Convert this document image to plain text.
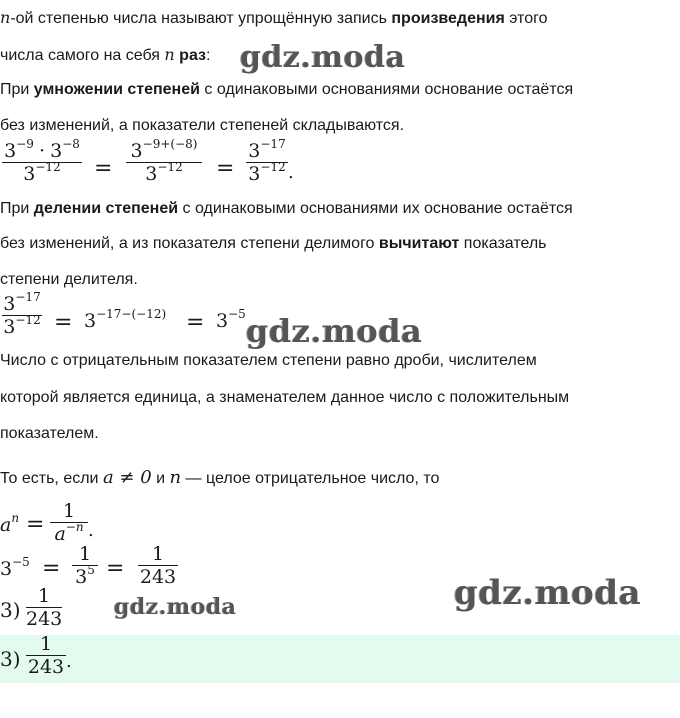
n-ой степенью числа называют упрощённую запись произведения этого
числа самого на себя n раз: gdz.moda
При умножении степеней с одинаковыми основаниями основание остаётся
без изменений, а показатели степеней складываются.
$3^{-9} \cdot 3^{-8}$
$3^{-12}$	=
$3^{-9+(-8)}$
$3^{-12}$	=
$3^{-17}$
$3^{-12}$ .
При делении степеней с одинаковыми основаниями их основание остаётся
без изменений, а из показателя степени делимого вычитают показатель
степени делителя.
$3^{-17}$
$3^{-12} = 3^{-17-(-12)} = 3^{-5}$ gdz.moda
Число с отрицательным показателем степени равно дроби, числителем
которой является единица, а знаменателем данное число с положительным
показателем.
То есть, если a ≠ 0 и n — целое отрицательное число, то
$a^n$ =
1
$a^{-n}$ .
$3^{-5}$ =
1
$3^5$ =
1
243	gdz.moda
3)
1
243 gdz.moda
3)
1
243 .
